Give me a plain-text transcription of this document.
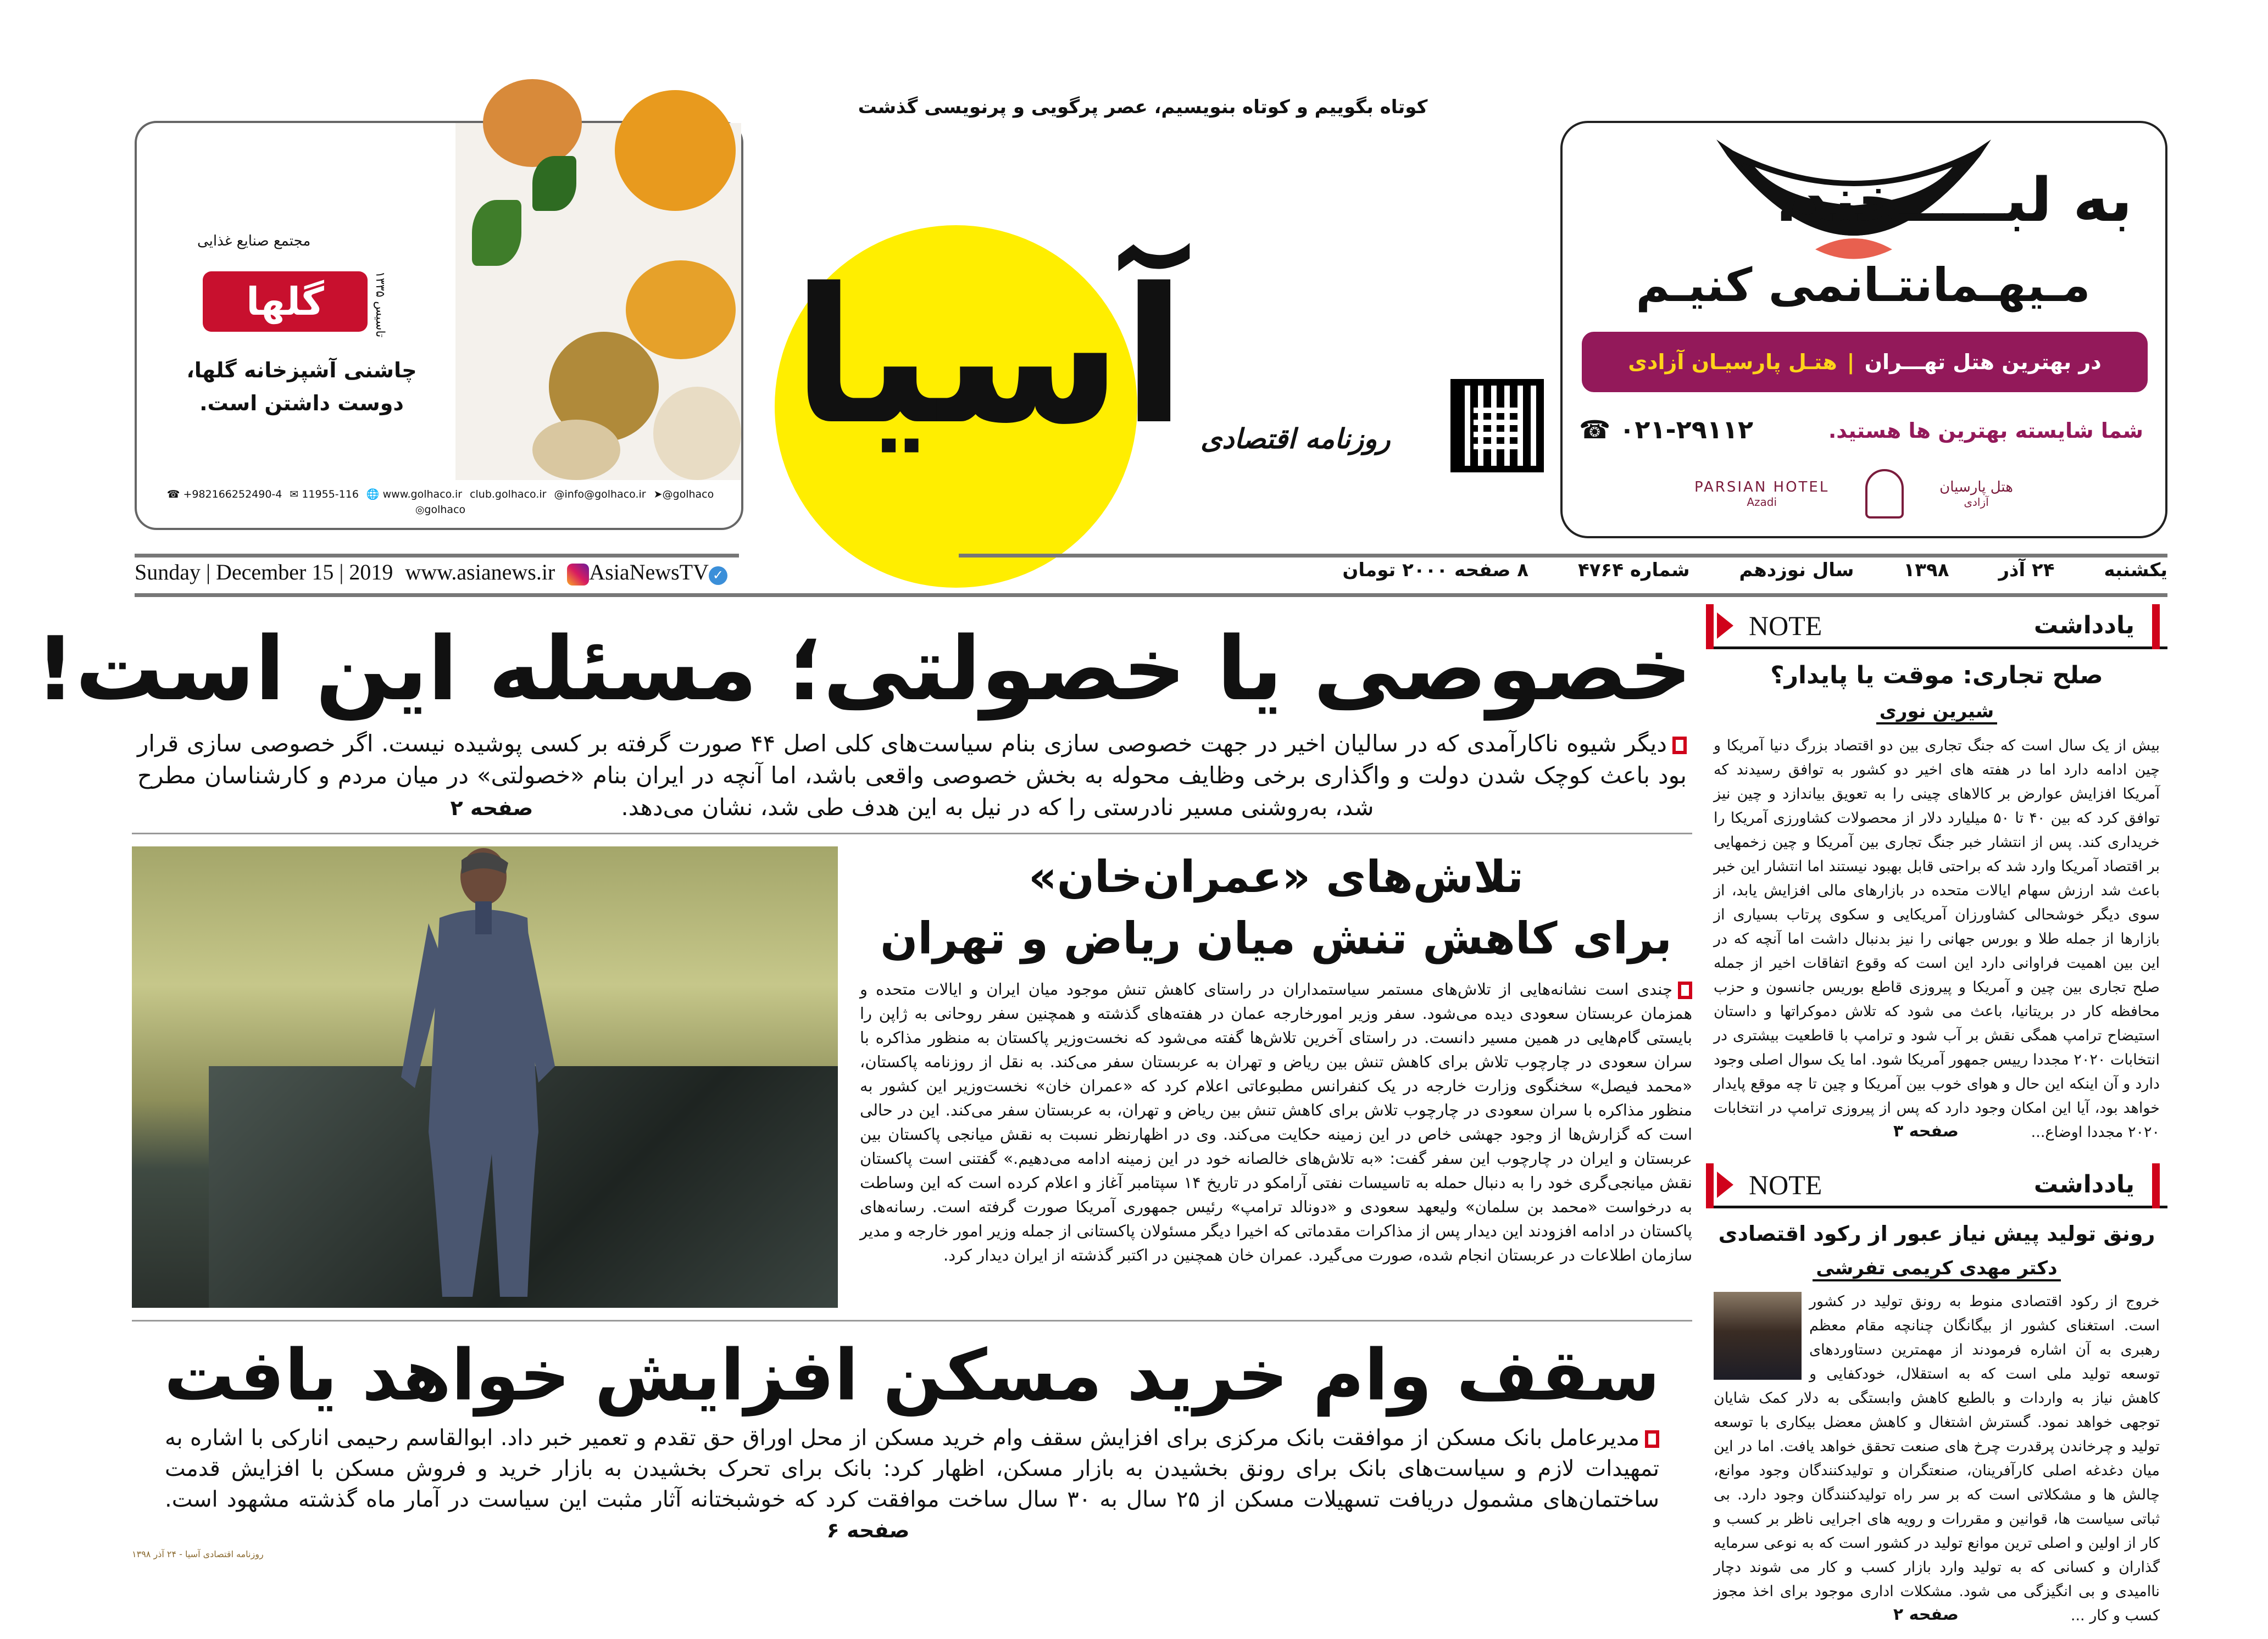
کوتاه بگوییم و کوتاه بنویسیم، عصر پرگویی و پرنویسی گذشت
مجتمع صنایع غذایی
گلها	تاسیس ۱۳۳۵
چاشنی آشپزخانه گلها،
دوست داشتن است.
☎ +982166252490-4 ✉ 11955-116 🌐 www.golhaco.ir club.golhaco.ir @info@golhaco.ir ➤@golhaco
◎golhaco
آسیا روزنامه اقتصادی
به لبـــــخند،
مـیهـمانتـانمی کنیـم
در بهترین هتل تهـــران
|
هتـل پارسیـان آزادی
شما شایسته بهترین ها هستید.
☎ ۰۲۱-۲۹۱۱۲
PARSIAN HOTEL
Azadi
هتل پارسیان
آزادی
Sunday | December 15 | 2019 www.asianews.ir	AsiaNewsTV ✓	یکشنبه
۲۴ آذر
۱۳۹۸
سال نوزدهم
شماره ۴۷۶۴
۸ صفحه ۲۰۰۰ تومان
خصوصی یا خصولتی؛ مسئله این است!
دیگر شیوه ناکارآمدی که در سالیان اخیر در جهت خصوصی سازی بنام سیاست‌های کلی اصل ۴۴ صورت گرفته بر کسی پوشیده نیست. اگر خصوصی سازی قرار بود باعث کوچک شدن دولت و واگذاری برخی وظایف محوله به بخش خصوصی واقعی باشد، اما آنچه در ایران بنام «خصولتی» در میان مردم و کارشناسان مطرح شد، به‌روشنی مسیر نادرستی را که در نیل به این هدف طی شد، نشان می‌دهد.صفحه ۲
تلاش‌های «عمران‌خان»
برای کاهش تنش میان ریاض و تهران
چندی است نشانه‌هایی از تلاش‌های مستمر سیاستمداران در راستای کاهش تنش موجود میان ایران و ایالات متحده و همزمان عربستان سعودی دیده می‌شود. سفر وزیر امورخارجه عمان در هفته‌های گذشته و همچنین سفر روحانی به ژاپن را بایستی گام‌هایی در همین مسیر دانست. در راستای آخرین تلاش‌ها گفته می‌شود که نخست‌وزیر پاکستان به منظور مذاکره با سران سعودی در چارچوب تلاش برای کاهش تنش بین ریاض و تهران به عربستان سفر می‌کند. به نقل از روزنامه پاکستان، «محمد فیصل» سخنگوی وزارت خارجه در یک کنفرانس مطبوعاتی اعلام کرد که «عمران خان» نخست‌وزیر این کشور به منظور مذاکره با سران سعودی در چارچوب تلاش برای کاهش تنش بین ریاض و تهران، به عربستان سفر می‌کند. این در حالی است که گزارش‌ها از وجود جهشی خاص در این زمینه حکایت می‌کند. وی در اظهارنظر نسبت به نقش میانجی پاکستان بین عربستان و ایران در چارچوب این سفر گفت: «به تلاش‌های خالصانه خود در این زمینه ادامه می‌دهیم.» گفتنی است پاکستان نقش میانجی‌گری خود را به دنبال حمله به تاسیسات نفتی آرامکو در تاریخ ۱۴ سپتامبر آغاز و اعلام کرده است که این وساطت به درخواست «محمد بن سلمان» ولیعهد سعودی و «دونالد ترامپ» رئیس جمهوری آمریکا صورت گرفته است. رسانه‌های پاکستان در ادامه افزودند این دیدار پس از مذاکرات مقدماتی که اخیرا دیگر مسئولان پاکستانی از جمله وزیر امور خارجه و مدیر سازمان اطلاعات در عربستان انجام شده، صورت می‌گیرد. عمران خان همچنین در اکتبر گذشته از ایران دیدار کرد.
سقف وام خرید مسکن افزایش خواهد یافت
مدیرعامل بانک مسکن از موافقت بانک مرکزی برای افزایش سقف وام خرید مسکن از محل اوراق حق تقدم و تعمیر خبر داد. ابوالقاسم رحیمی انارکی با اشاره به تمهیدات لازم و سیاست‌های بانک برای رونق بخشیدن به بازار مسکن، اظهار کرد: بانک برای تحرک بخشیدن به بازار خرید و فروش مسکن با افزایش قدمت ساختمان‌های مشمول دریافت تسهیلات مسکن از ۲۵ سال به ۳۰ سال ساخت موافقت کرد که خوشبختانه آثار مثبت این سیاست در آمار ماه گذشته مشهود است.صفحه ۶
روزنامه اقتصادی آسیا - ۲۴ آذر ۱۳۹۸
NOTE	یادداشت
صلح تجاری: موقت یا پایدار؟
شیرین نوری
بیش از یک سال است که جنگ تجاری بین دو اقتصاد بزرگ دنیا آمریکا و چین ادامه دارد اما در هفته های اخیر دو کشور به توافق رسیدند که آمریکا افزایش عوارض بر کالاهای چینی را به تعویق بیاندازد و چین نیز توافق کرد که بین ۴۰ تا ۵۰ میلیارد دلار از محصولات کشاورزی آمریکا را خریداری کند. پس از انتشار خبر جنگ تجاری بین آمریکا و چین زخمهایی بر اقتصاد آمریکا وارد شد که براحتی قابل بهبود نیستند اما انتشار این خبر باعث شد ارزش سهام ایالات متحده در بازارهای مالی افزایش یابد، از سوی دیگر خوشحالی کشاورزان آمریکایی و سکوی پرتاب بسیاری از بازارها از جمله طلا و بورس جهانی را نیز بدنبال داشت اما آنچه که در این بین اهمیت فراوانی دارد این است که وقوع اتفاقات اخیر از جمله صلح تجاری بین چین و آمریکا و پیروزی قاطع بوریس جانسون و حزب محافظه کار در بریتانیا، باعث می شود که تلاش دموکراتها و داستان استیضاح ترامپ همگی نقش بر آب شود و ترامپ با قاطعیت بیشتری در انتخابات ۲۰۲۰ مجددا رییس جمهور آمریکا شود. اما یک سوال اصلی وجود دارد و آن اینکه این حال و هوای خوب بین آمریکا و چین تا چه موقع پایدار خواهد بود، آیا این امکان وجود دارد که پس از پیروزی ترامپ در انتخابات ۲۰۲۰ مجددا اوضاع...
صفحه ۳
NOTE	یادداشت
رونق تولید پیش نیاز عبور از رکود اقتصادی
دکتر مهدی کریمی تفرشی
خروج از رکود اقتصادی منوط به رونق تولید در کشور است. استغنای کشور از بیگانگان چنانچه مقام معظم رهبری به آن اشاره فرمودند از مهمترین دستاوردهای توسعه تولید ملی است که به استقلال، خودکفایی و کاهش نیاز به واردات و بالطبع کاهش وابستگی به دلار کمک شایان توجهی خواهد نمود. گسترش اشتغال و کاهش معضل بیکاری با توسعه تولید و چرخاندن پرقدرت چرخ های صنعت تحقق خواهد یافت. اما در این میان دغدغه اصلی کارآفرینان، صنعتگران و تولیدکنندگان وجود موانع، چالش ها و مشکلاتی است که بر سر راه تولیدکنندگان وجود دارد. بی ثباتی سیاست ها، قوانین و مقررات و رویه های اجرایی ناظر بر کسب و کار از اولین و اصلی ترین موانع تولید در کشور است که به نوعی سرمایه گذاران و کسانی که به تولید وارد بازار کسب و کار می شوند دچار ناامیدی و بی انگیزگی می شود. مشکلات اداری موجود برای اخذ مجوز کسب و کار ...
صفحه ۲
